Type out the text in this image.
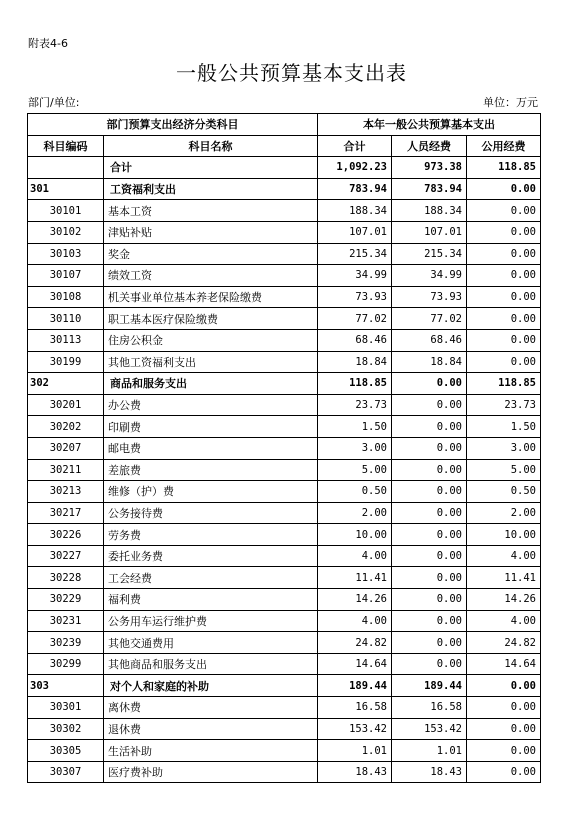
附表4-6
一般公共预算基本支出表
部门/单位:	单位：万元
部门预算支出经济分类科目		本年一般公共预算基本支出		
科目编码	科目名称	合计	人员经费	公用经费
	合计	1,092.23	973.38	118.85
301	工资福利支出	783.94	783.94	0.00
30101	基本工资	188.34	188.34	0.00
30102	津贴补贴	107.01	107.01	0.00
30103	奖金	215.34	215.34	0.00
30107	绩效工资	34.99	34.99	0.00
30108	机关事业单位基本养老保险缴费	73.93	73.93	0.00
30110	职工基本医疗保险缴费	77.02	77.02	0.00
30113	住房公积金	68.46	68.46	0.00
30199	其他工资福利支出	18.84	18.84	0.00
302	商品和服务支出	118.85	0.00	118.85
30201	办公费	23.73	0.00	23.73
30202	印刷费	1.50	0.00	1.50
30207	邮电费	3.00	0.00	3.00
30211	差旅费	5.00	0.00	5.00
30213	维修（护）费	0.50	0.00	0.50
30217	公务接待费	2.00	0.00	2.00
30226	劳务费	10.00	0.00	10.00
30227	委托业务费	4.00	0.00	4.00
30228	工会经费	11.41	0.00	11.41
30229	福利费	14.26	0.00	14.26
30231	公务用车运行维护费	4.00	0.00	4.00
30239	其他交通费用	24.82	0.00	24.82
30299	其他商品和服务支出	14.64	0.00	14.64
303	对个人和家庭的补助	189.44	189.44	0.00
30301	离休费	16.58	16.58	0.00
30302	退休费	153.42	153.42	0.00
30305	生活补助	1.01	1.01	0.00
30307	医疗费补助	18.43	18.43	0.00
